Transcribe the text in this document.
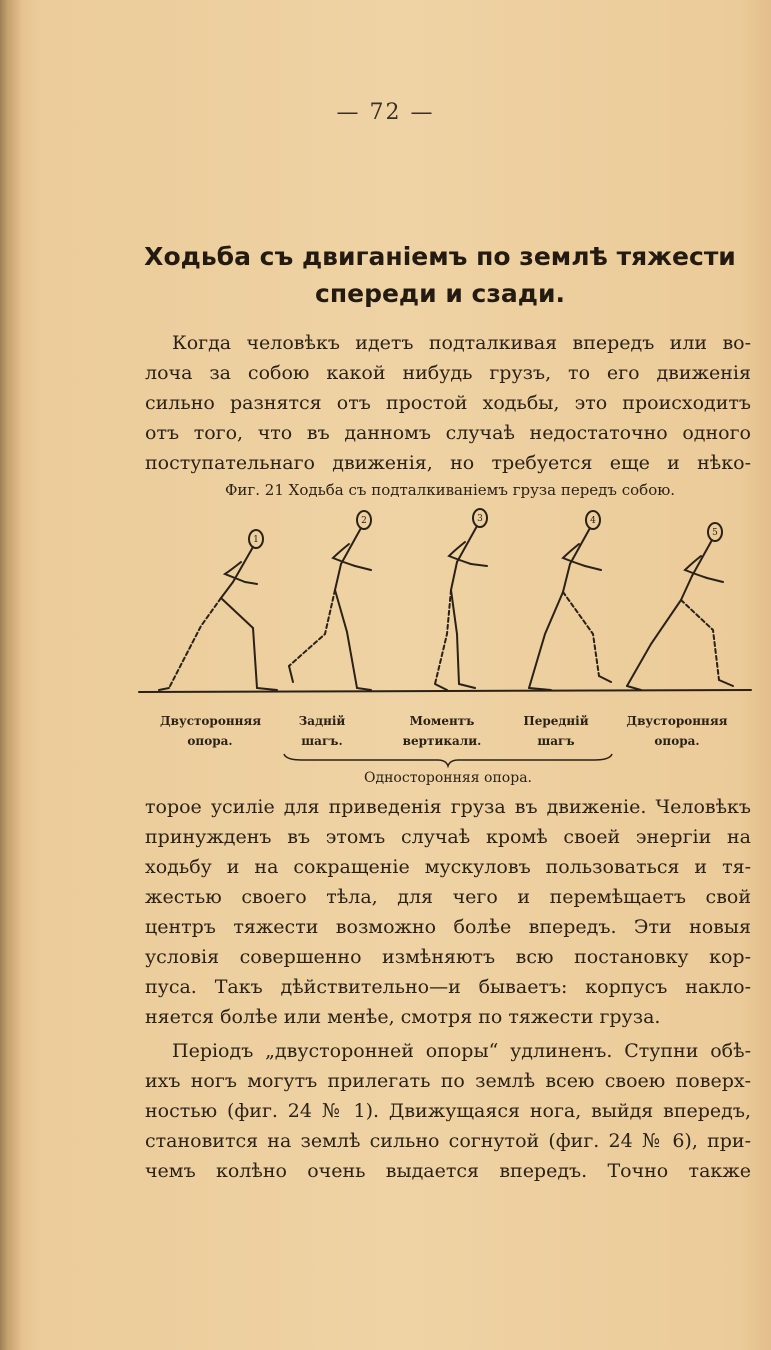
— 72 —
Ходьба съ двиганіемъ по землѣ тяжести
спереди и сзади.
Когда человѣкъ идетъ подталкивая впередъ или во-
лоча за собою какой нибудь грузъ, то его движенія
сильно разнятся отъ простой ходьбы, это происходитъ
отъ того, что въ данномъ случаѣ недостаточно одного
поступательнаго движенія, но требуется еще и нѣко-
Фиг. 21 Ходьба съ подталкиваніемъ груза передъ собою.
1
2	3	4
5
Двусторонняя
опора.
Заднiй
шагъ.
Моментъ
вертикали.
Переднiй
шагъ
Двусторонняя
опора.
Односторонняя опора.
торое усилie для приведенія груза въ движеніе. Человѣкъ
принужденъ въ этомъ случаѣ кромѣ своей энергіи на
ходьбу и на сокращеніе мускуловъ пользоваться и тя-
жестью своего тѣла, для чего и перемѣщаетъ свой
центръ тяжести возможно болѣе впередъ. Эти новыя
условія совершенно измѣняютъ всю постановку кор-
пуса. Такъ дѣйствительно—и бываетъ: корпусъ накло-
няется болѣе или менѣе, смотря по тяжести груза.
Періодъ „двусторонней опоры“ удлиненъ. Ступни обѣ-
ихъ ногъ могутъ прилегать по землѣ всею своею поверх-
ностью (фиг. 24 № 1). Движущаяся нога, выйдя впередъ,
становится на землѣ сильно согнутой (фиг. 24 № 6), при-
чемъ колѣно очень выдается впередъ. Точно также
